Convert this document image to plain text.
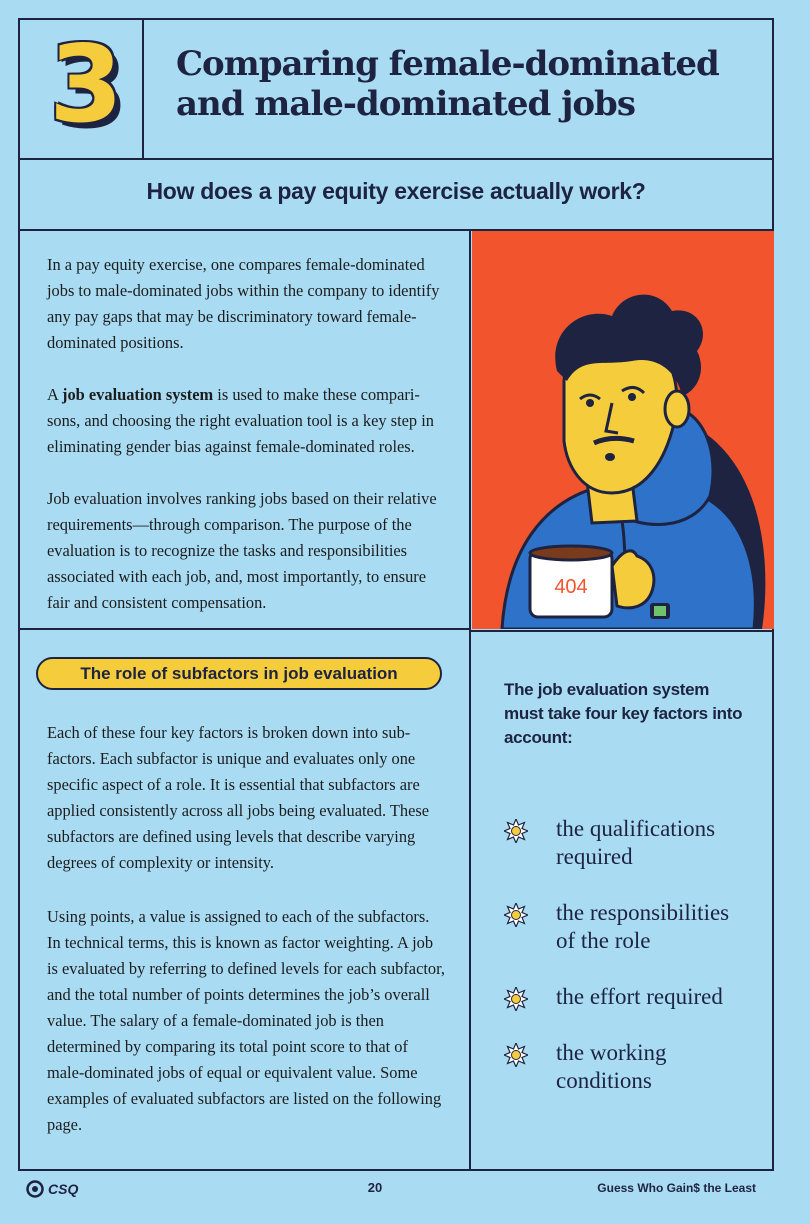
3 Comparing female-dominated
and male-dominated jobs
How does a pay equity exercise actually work?

In a pay equity exercise, one compares female-dominated jobs to male-dominated jobs within the company to identify any pay gaps that may be discriminatory toward female-dominated positions.

A job evaluation system is used to make these compari-sons, and choosing the right evaluation tool is a key step in eliminating gender bias against female-dominated roles.

Job evaluation involves ranking jobs based on their relative requirements—through comparison. The purpose of the evaluation is to recognize the tasks and responsibilities associated with each job, and, most importantly, to ensure fair and consistent compensation.

404
The role of subfactors in job evaluation

Each of these four key factors is broken down into sub-factors. Each subfactor is unique and evaluates only one specific aspect of a role. It is essential that subfactors are applied consistently across all jobs being evaluated. These subfactors are defined using levels that describe varying degrees of complexity or intensity.

Using points, a value is assigned to each of the subfactors. In technical terms, this is known as factor weighting. A job is evaluated by referring to defined levels for each subfactor, and the total number of points determines the job’s overall value. The salary of a female-dominated job is then determined by comparing its total point score to that of male-dominated jobs of equal or equivalent value. Some examples of evaluated subfactors are listed on the following page.

The job evaluation system must take four key factors into account:

the qualifications required
the responsibilities of the role
the effort required
the working conditions
CSQ	20	Guess Who Gain$ the Least
